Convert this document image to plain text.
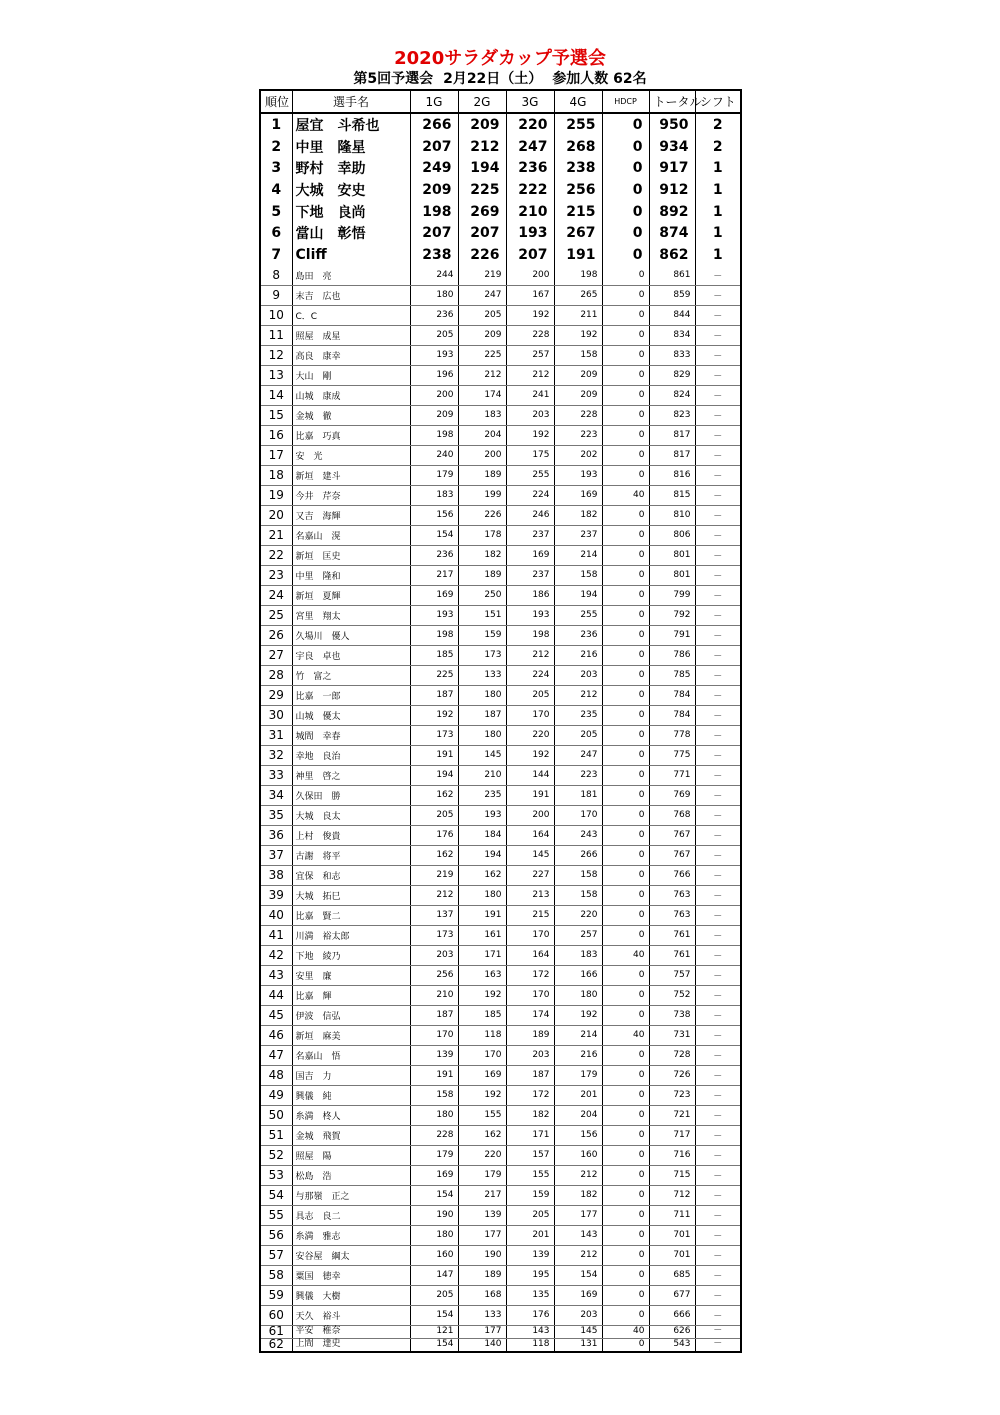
2020サラダカップ予選会
第5回予選会 2月22日（土） 参加人数 62名
順位	選手名	1G	2G	3G	4G	HDCP	トータル	シフト
1	屋宜　斗希也	266	209	220	255	0	950	2
2	中里　隆星	207	212	247	268	0	934	2
3	野村　幸助	249	194	236	238	0	917	1
4	大城　安史	209	225	222	256	0	912	1
5	下地　良尚	198	269	210	215	0	892	1
6	當山　彰悟	207	207	193	267	0	874	1
7	Cliff	238	226	207	191	0	862	1
8	島田　亮	244	219	200	198	0	861	－
9	末吉　広也	180	247	167	265	0	859	－
10	C．C	236	205	192	211	0	844	－
11	照屋　成星	205	209	228	192	0	834	－
12	高良　康幸	193	225	257	158	0	833	－
13	大山　剛	196	212	212	209	0	829	－
14	山城　康成	200	174	241	209	0	824	－
15	金城　徹	209	183	203	228	0	823	－
16	比嘉　巧真	198	204	192	223	0	817	－
17	安　光	240	200	175	202	0	817	－
18	新垣　建斗	179	189	255	193	0	816	－
19	今井　芹奈	183	199	224	169	40	815	－
20	又吉　海輝	156	226	246	182	0	810	－
21	名嘉山　滉	154	178	237	237	0	806	－
22	新垣　匡史	236	182	169	214	0	801	－
23	中里　隆和	217	189	237	158	0	801	－
24	新垣　夏輝	169	250	186	194	0	799	－
25	宮里　翔太	193	151	193	255	0	792	－
26	久場川　優人	198	159	198	236	0	791	－
27	宇良　卓也	185	173	212	216	0	786	－
28	竹　富之	225	133	224	203	0	785	－
29	比嘉　一郎	187	180	205	212	0	784	－
30	山城　優太	192	187	170	235	0	784	－
31	城間　幸春	173	180	220	205	0	778	－
32	幸地　良治	191	145	192	247	0	775	－
33	神里　啓之	194	210	144	223	0	771	－
34	久保田　勝	162	235	191	181	0	769	－
35	大城　良太	205	193	200	170	0	768	－
36	上村　俊貴	176	184	164	243	0	767	－
37	古謝　将平	162	194	145	266	0	767	－
38	宜保　和志	219	162	227	158	0	766	－
39	大城　拓巳	212	180	213	158	0	763	－
40	比嘉　賢二	137	191	215	220	0	763	－
41	川満　裕太郎	173	161	170	257	0	761	－
42	下地　綾乃	203	171	164	183	40	761	－
43	安里　廉	256	163	172	166	0	757	－
44	比嘉　輝	210	192	170	180	0	752	－
45	伊波　信弘	187	185	174	192	0	738	－
46	新垣　麻美	170	118	189	214	40	731	－
47	名嘉山　悟	139	170	203	216	0	728	－
48	国吉　力	191	169	187	179	0	726	－
49	興儀　純	158	192	172	201	0	723	－
50	糸満　柊人	180	155	182	204	0	721	－
51	金城　飛賀	228	162	171	156	0	717	－
52	照屋　陽	179	220	157	160	0	716	－
53	松島　浩	169	179	155	212	0	715	－
54	与那嶺　正之	154	217	159	182	0	712	－
55	具志　良二	190	139	205	177	0	711	－
56	糸満　雅志	180	177	201	143	0	701	－
57	安谷屋　綱太	160	190	139	212	0	701	－
58	粟国　徳幸	147	189	195	154	0	685	－
59	興儀　大樹	205	168	135	169	0	677	－
60	天久　裕斗	154	133	176	203	0	666	－
61	平安　稚奈	121	177	143	145	40	626	－
62	上間　達史	154	140	118	131	0	543	－
